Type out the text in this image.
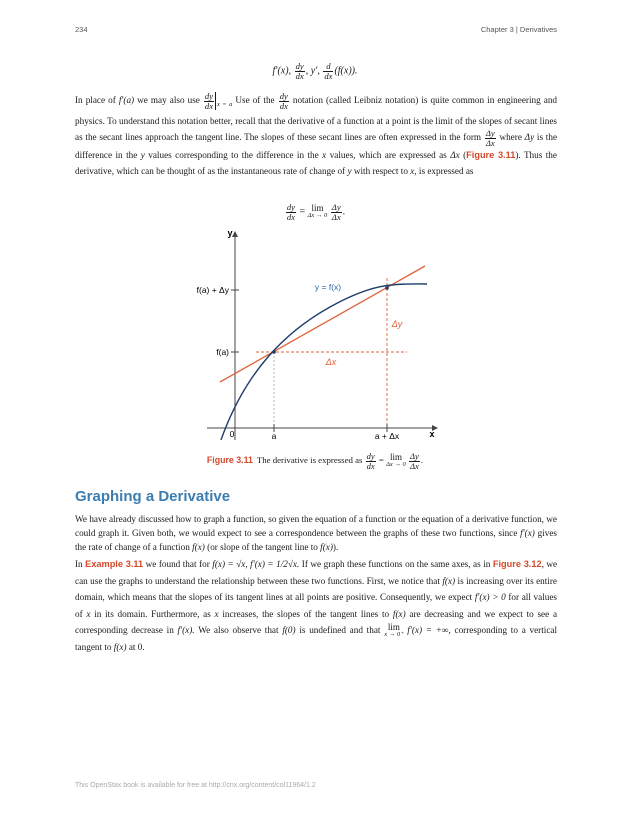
234	Chapter 3 | Derivatives
f′(x), $\frac{dy}{dx}$ , y′, $\frac{d}{dx} (f(x))$.

In place of f′(a) we may also use $\frac{dy}{dx} _{x = a}$ Use of the $\frac{dy}{dx}$ notation (called Leibniz notation) is quite common in engineering and physics. To understand this notation better, recall that the derivative of a function at a point is the limit of the slopes of secant lines as the secant lines approach the tangent line. The slopes of these secant lines are often expressed in the form $\frac{\Delta y}{\Delta x}$ where Δy is the difference in the y values corresponding to the difference in the x values, which are expressed as Δx (Figure 3.11). Thus the derivative, which can be thought of as the instantaneous rate of change of y with respect to x, is expressed as

$\frac{dy}{dx} = \lim$
Δx → 0
$\frac{\Delta y}{\Delta x}$ .
y
x
0	a	a + Δx
f(a) + Δy
f(a)
y = f(x)
Δy
Δx
Figure 3.11 The derivative is expressed as $\frac{dy}{dx} = \lim$
Δx → 0
$\frac{\Delta y}{\Delta x}$ .
Graphing a Derivative

We have already discussed how to graph a function, so given the equation of a function or the equation of a derivative function, we could graph it. Given both, we would expect to see a correspondence between the graphs of these two functions, since f′(x) gives the rate of change of a function f(x) (or slope of the tangent line to f(x)).

In Example 3.11 we found that for f(x) = √x, f′(x) = 1/2√x. If we graph these functions on the same axes, as in Figure 3.12, we can use the graphs to understand the relationship between these two functions. First, we notice that f(x) is increasing over its entire domain, which means that the slopes of its tangent lines at all points are positive. Consequently, we expect f′(x) > 0 for all values of x in its domain. Furthermore, as x increases, the slopes of the tangent lines to f(x) are decreasing and we expect to see a corresponding decrease in f′(x). We also observe that f(0) is undefined and that lim
x → 0⁺ f′(x) = +∞, corresponding to a vertical tangent to f(x) at 0.

This OpenStax book is available for free at http://cnx.org/content/col11964/1.2
